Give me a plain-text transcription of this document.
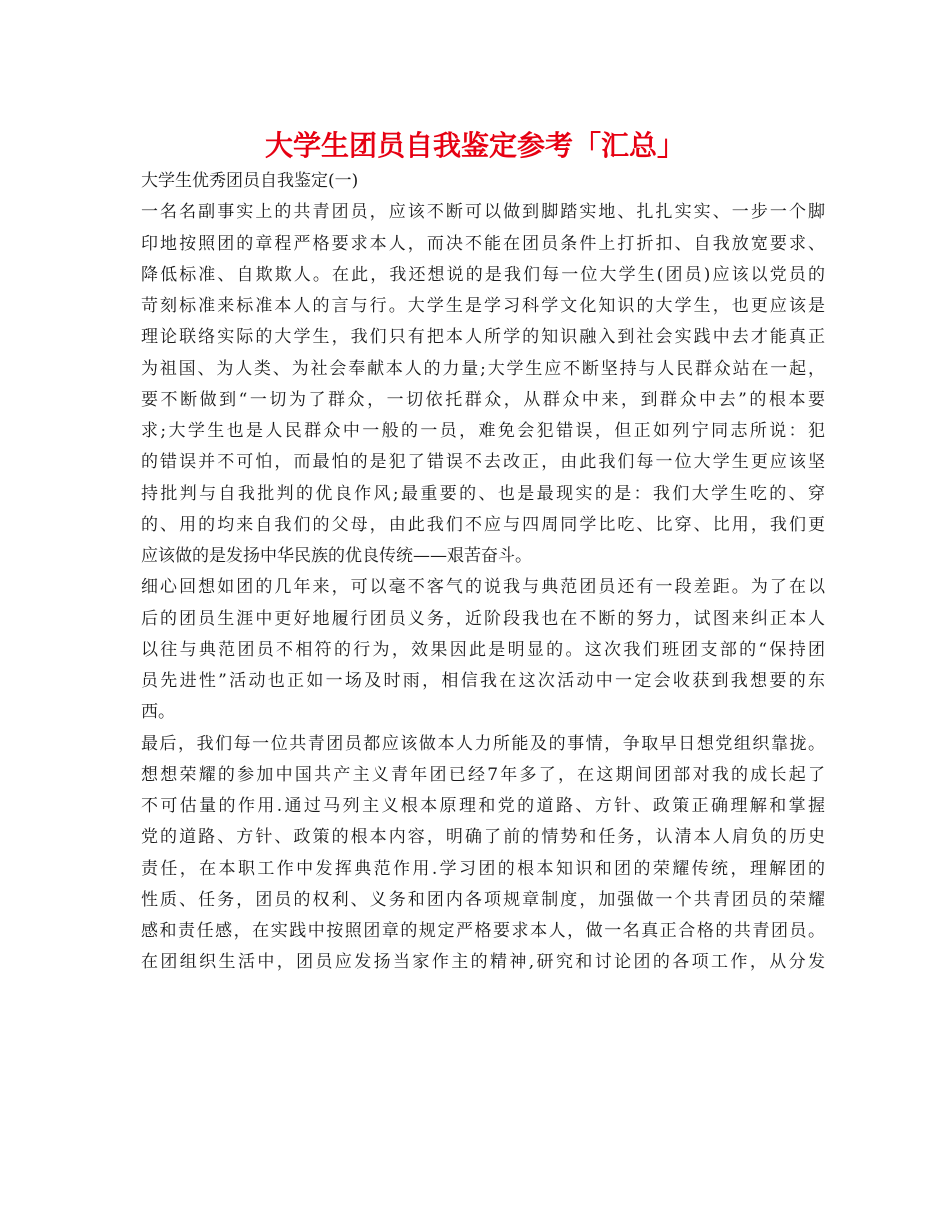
大学生团员自我鉴定参考「汇总」
大学生优秀团员自我鉴定(一)
一名名副事实上的共青团员，应该不断可以做到脚踏实地、扎扎实实、一步一个脚
印地按照团的章程严格要求本人，而决不能在团员条件上打折扣、自我放宽要求、
降低标准、自欺欺人。在此，我还想说的是我们每一位大学生(团员)应该以党员的
苛刻标准来标准本人的言与行。大学生是学习科学文化知识的大学生，也更应该是
理论联络实际的大学生，我们只有把本人所学的知识融入到社会实践中去才能真正
为祖国、为人类、为社会奉献本人的力量;大学生应不断坚持与人民群众站在一起，
要不断做到“一切为了群众，一切依托群众，从群众中来，到群众中去”的根本要
求;大学生也是人民群众中一般的一员，难免会犯错误，但正如列宁同志所说：犯
的错误并不可怕，而最怕的是犯了错误不去改正，由此我们每一位大学生更应该坚
持批判与自我批判的优良作风;最重要的、也是最现实的是：我们大学生吃的、穿
的、用的均来自我们的父母，由此我们不应与四周同学比吃、比穿、比用，我们更
应该做的是发扬中华民族的优良传统——艰苦奋斗。
细心回想如团的几年来，可以毫不客气的说我与典范团员还有一段差距。为了在以
后的团员生涯中更好地履行团员义务，近阶段我也在不断的努力，试图来纠正本人
以往与典范团员不相符的行为，效果因此是明显的。这次我们班团支部的“保持团
员先进性”活动也正如一场及时雨，相信我在这次活动中一定会收获到我想要的东
西。
最后，我们每一位共青团员都应该做本人力所能及的事情，争取早日想党组织靠拢。
想想荣耀的参加中国共产主义青年团已经7年多了，在这期间团部对我的成长起了
不可估量的作用.通过马列主义根本原理和党的道路、方针、政策正确理解和掌握
党的道路、方针、政策的根本内容，明确了前的情势和任务，认清本人肩负的历史
责任，在本职工作中发挥典范作用.学习团的根本知识和团的荣耀传统，理解团的
性质、任务，团员的权利、义务和团内各项规章制度，加强做一个共青团员的荣耀
感和责任感，在实践中按照团章的规定严格要求本人，做一名真正合格的共青团员。
在团组织生活中，团员应发扬当家作主的精神,研究和讨论团的各项工作，从分发
